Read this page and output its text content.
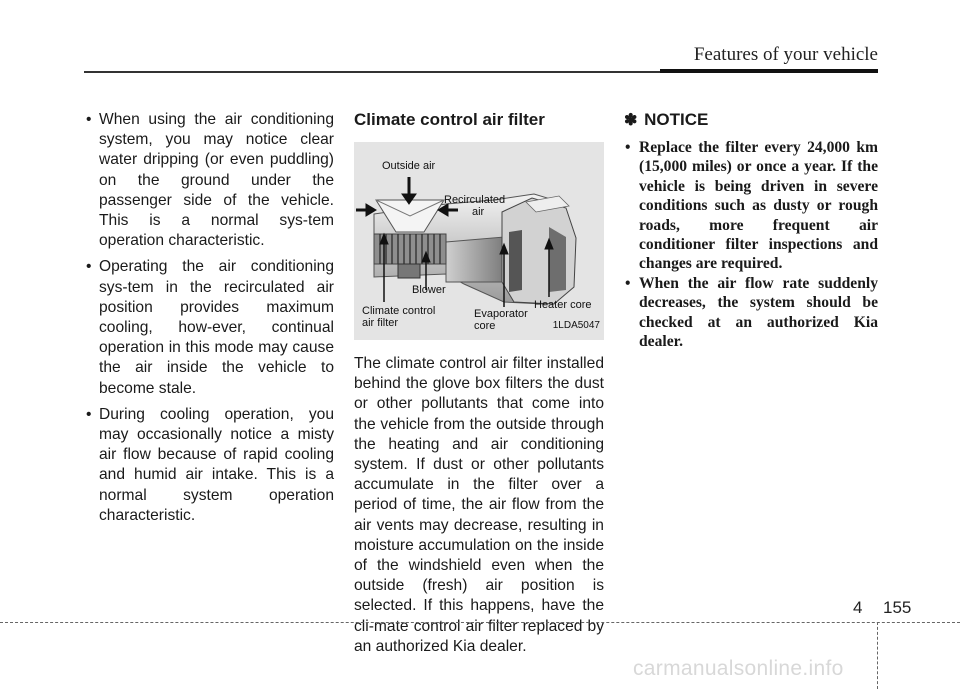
Features of your vehicle
• When using the air conditioning system, you may notice clear water dripping (or even puddling) on the ground under the passenger side of the vehicle. This is a normal sys-tem operation characteristic.
• Operating the air conditioning sys-tem in the recirculated air position provides maximum cooling, how-ever, continual operation in this mode may cause the air inside the vehicle to become stale.
• During cooling operation, you may occasionally notice a misty air flow because of rapid cooling and humid air intake. This is a normal system operation characteristic.
Climate control air filter
Outside air
Recirculated
air
Blower
Climate control
air filter
Evaporator
core
Heater core
1LDA5047

The climate control air filter installed behind the glove box filters the dust or other pollutants that come into the vehicle from the outside through the heating and air conditioning system. If dust or other pollutants accumulate in the filter over a period of time, the air flow from the air vents may decrease, resulting in moisture accumulation on the inside of the windshield even when the outside (fresh) air position is selected. If this happens, have the cli-mate control air filter replaced by an authorized Kia dealer.

✽ NOTICE
• Replace the filter every 24,000 km (15,000 miles) or once a year. If the vehicle is being driven in severe conditions such as dusty or rough roads, more frequent air conditioner filter inspections and changes are required.
• When the air flow rate suddenly decreases, the system should be checked at an authorized Kia dealer.
4 155
carmanualsonline.info
